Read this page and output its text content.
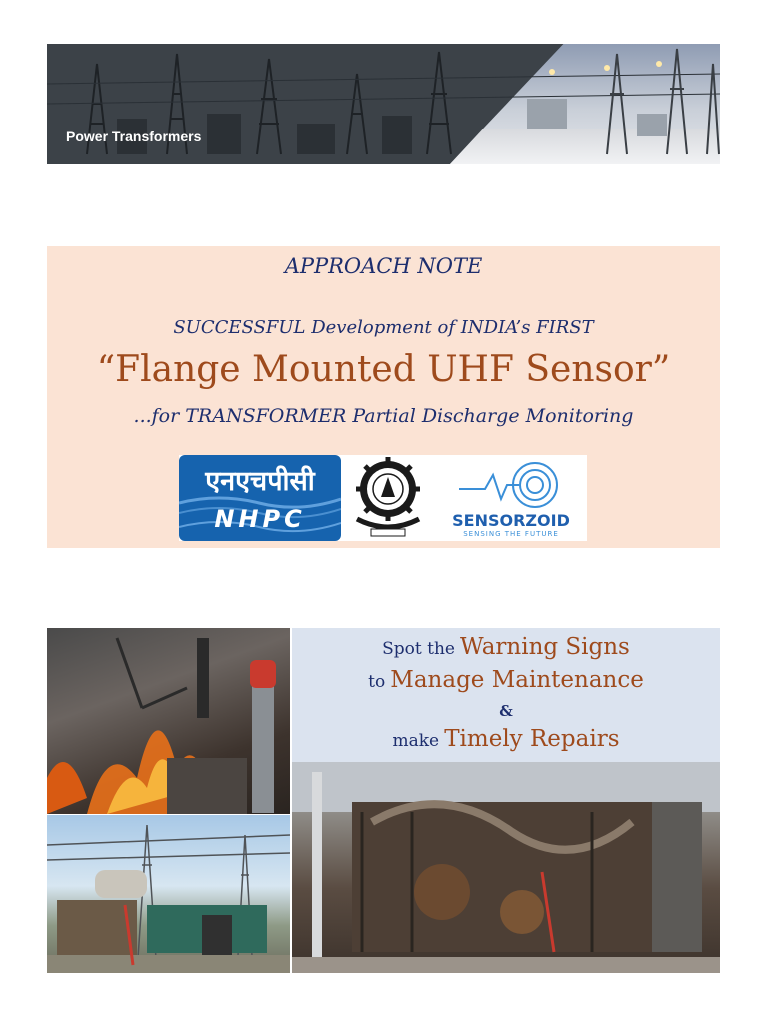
Power Transformers
APPROACH NOTE
SUCCESSFUL Development of INDIA’s FIRST
“Flange Mounted UHF Sensor”
...for TRANSFORMER Partial Discharge Monitoring
एनएचपीसी
NHPC	SENSORZOID
SENSING THE FUTURE
Spot the Warning Signs
to Manage Maintenance
&
make Timely Repairs
